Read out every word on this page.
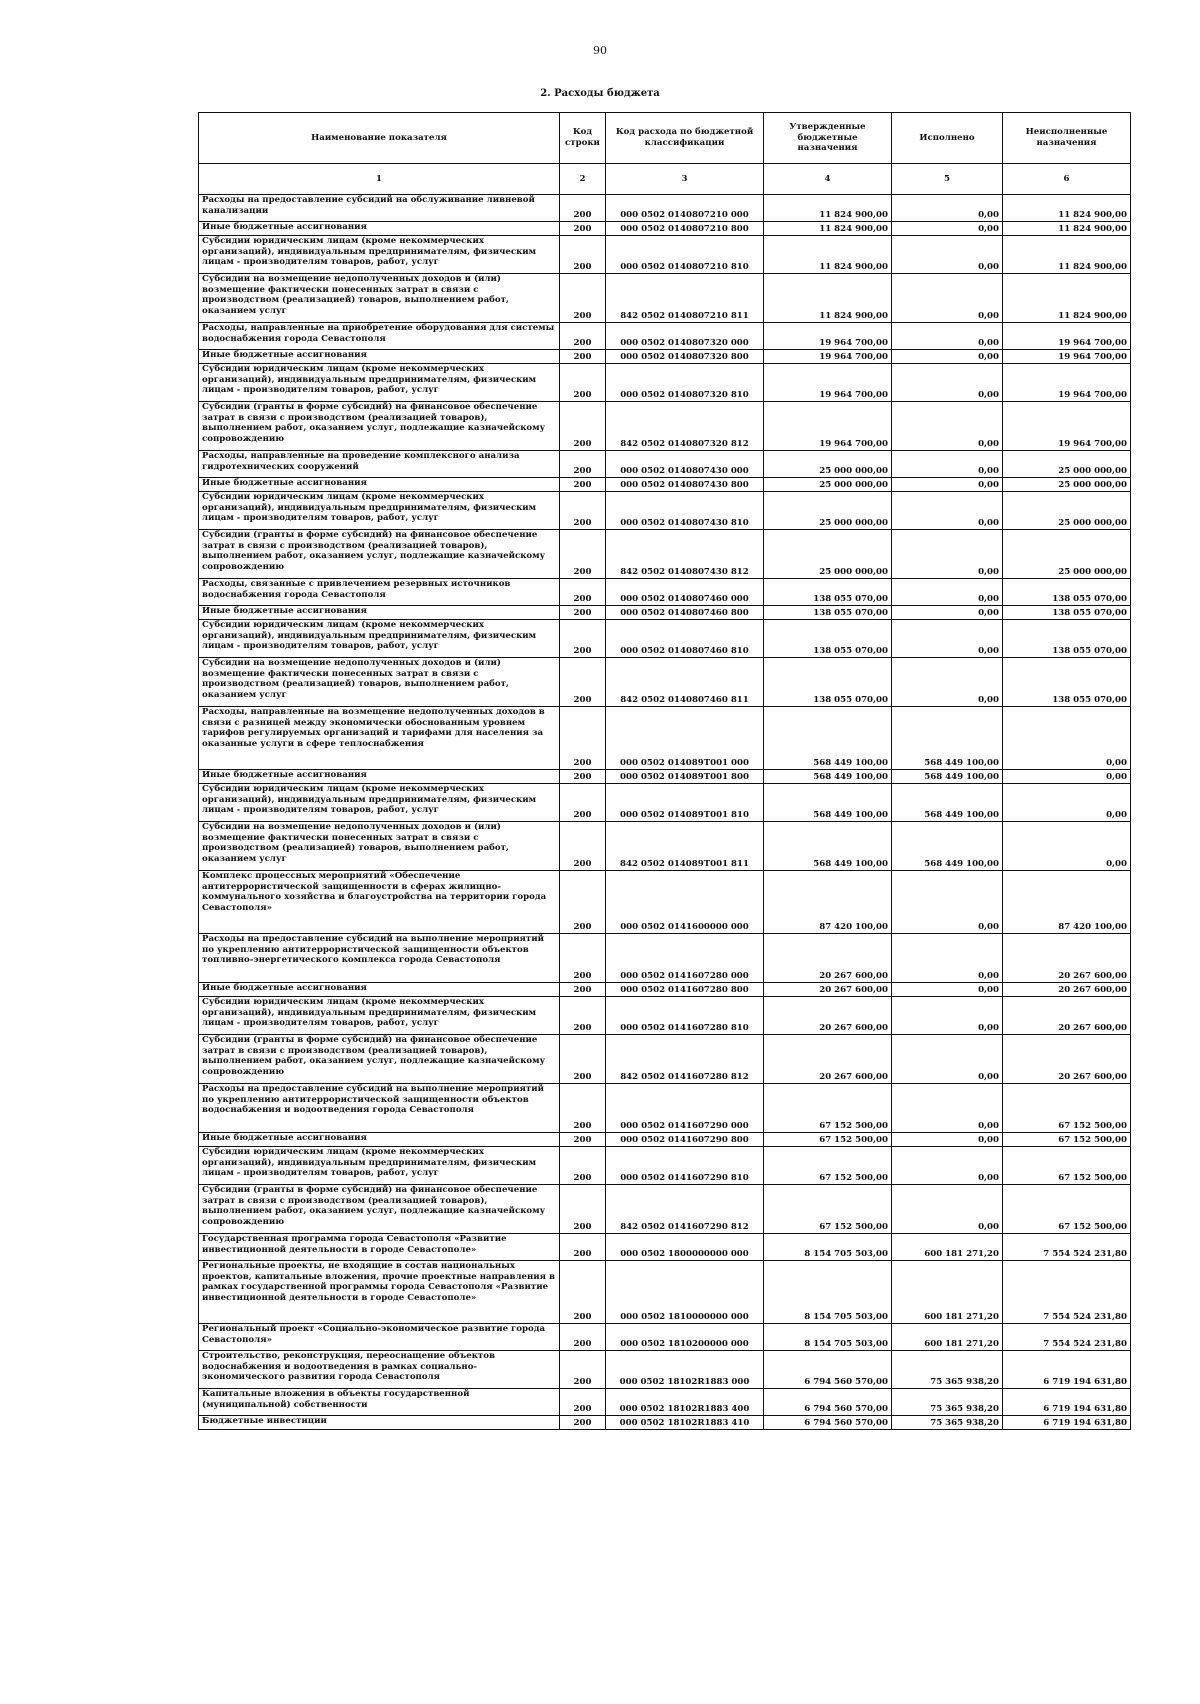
90
2. Расходы бюджета
Наименование показателя	Код строки	Код расхода по бюджетной классификации	Утвержденные бюджетные назначения	Исполнено	Неисполненные назначения
1	2	3	4	5	6
Расходы на предоставление субсидий на обслуживание ливневой канализации	200	000 0502 0140807210 000	11 824 900,00	0,00	11 824 900,00
Иные бюджетные ассигнования	200	000 0502 0140807210 800	11 824 900,00	0,00	11 824 900,00
Субсидии юридическим лицам (кроме некоммерческих организаций), индивидуальным предпринимателям, физическим лицам - производителям товаров, работ, услуг	200	000 0502 0140807210 810	11 824 900,00	0,00	11 824 900,00
Субсидии на возмещение недополученных доходов и (или) возмещение фактически понесенных затрат в связи с производством (реализацией) товаров, выполнением работ, оказанием услуг	200	842 0502 0140807210 811	11 824 900,00	0,00	11 824 900,00
Расходы, направленные на приобретение оборудования для системы водоснабжения города Севастополя	200	000 0502 0140807320 000	19 964 700,00	0,00	19 964 700,00
Иные бюджетные ассигнования	200	000 0502 0140807320 800	19 964 700,00	0,00	19 964 700,00
Субсидии юридическим лицам (кроме некоммерческих организаций), индивидуальным предпринимателям, физическим лицам - производителям товаров, работ, услуг	200	000 0502 0140807320 810	19 964 700,00	0,00	19 964 700,00
Субсидии (гранты в форме субсидий) на финансовое обеспечение затрат в связи с производством (реализацией товаров), выполнением работ, оказанием услуг, подлежащие казначейскому сопровождению	200	842 0502 0140807320 812	19 964 700,00	0,00	19 964 700,00
Расходы, направленные на проведение комплексного анализа гидротехнических сооружений	200	000 0502 0140807430 000	25 000 000,00	0,00	25 000 000,00
Иные бюджетные ассигнования	200	000 0502 0140807430 800	25 000 000,00	0,00	25 000 000,00
Субсидии юридическим лицам (кроме некоммерческих организаций), индивидуальным предпринимателям, физическим лицам - производителям товаров, работ, услуг	200	000 0502 0140807430 810	25 000 000,00	0,00	25 000 000,00
Субсидии (гранты в форме субсидий) на финансовое обеспечение затрат в связи с производством (реализацией товаров), выполнением работ, оказанием услуг, подлежащие казначейскому сопровождению	200	842 0502 0140807430 812	25 000 000,00	0,00	25 000 000,00
Расходы, связанные с привлечением резервных источников водоснабжения города Севастополя	200	000 0502 0140807460 000	138 055 070,00	0,00	138 055 070,00
Иные бюджетные ассигнования	200	000 0502 0140807460 800	138 055 070,00	0,00	138 055 070,00
Субсидии юридическим лицам (кроме некоммерческих организаций), индивидуальным предпринимателям, физическим лицам - производителям товаров, работ, услуг	200	000 0502 0140807460 810	138 055 070,00	0,00	138 055 070,00
Субсидии на возмещение недополученных доходов и (или) возмещение фактически понесенных затрат в связи с производством (реализацией) товаров, выполнением работ, оказанием услуг	200	842 0502 0140807460 811	138 055 070,00	0,00	138 055 070,00
Расходы, направленные на возмещение недополученных доходов в связи с разницей между экономически обоснованным уровнем тарифов регулируемых организаций и тарифами для населения за оказанные услуги в сфере теплоснабжения	200	000 0502 014089T001 000	568 449 100,00	568 449 100,00	0,00
Иные бюджетные ассигнования	200	000 0502 014089T001 800	568 449 100,00	568 449 100,00	0,00
Субсидии юридическим лицам (кроме некоммерческих организаций), индивидуальным предпринимателям, физическим лицам - производителям товаров, работ, услуг	200	000 0502 014089T001 810	568 449 100,00	568 449 100,00	0,00
Субсидии на возмещение недополученных доходов и (или) возмещение фактически понесенных затрат в связи с производством (реализацией) товаров, выполнением работ, оказанием услуг	200	842 0502 014089T001 811	568 449 100,00	568 449 100,00	0,00
Комплекс процессных мероприятий «Обеспечение антитеррористической защищенности в сферах жилищно-коммунального хозяйства и благоустройства на территории города Севастополя»	200	000 0502 0141600000 000	87 420 100,00	0,00	87 420 100,00
Расходы на предоставление субсидий на выполнение мероприятий по укреплению антитеррористической защищенности объектов топливно-энергетического комплекса города Севастополя	200	000 0502 0141607280 000	20 267 600,00	0,00	20 267 600,00
Иные бюджетные ассигнования	200	000 0502 0141607280 800	20 267 600,00	0,00	20 267 600,00
Субсидии юридическим лицам (кроме некоммерческих организаций), индивидуальным предпринимателям, физическим лицам - производителям товаров, работ, услуг	200	000 0502 0141607280 810	20 267 600,00	0,00	20 267 600,00
Субсидии (гранты в форме субсидий) на финансовое обеспечение затрат в связи с производством (реализацией товаров), выполнением работ, оказанием услуг, подлежащие казначейскому сопровождению	200	842 0502 0141607280 812	20 267 600,00	0,00	20 267 600,00
Расходы на предоставление субсидий на выполнение мероприятий по укреплению антитеррористической защищенности объектов водоснабжения и водоотведения города Севастополя	200	000 0502 0141607290 000	67 152 500,00	0,00	67 152 500,00
Иные бюджетные ассигнования	200	000 0502 0141607290 800	67 152 500,00	0,00	67 152 500,00
Субсидии юридическим лицам (кроме некоммерческих организаций), индивидуальным предпринимателям, физическим лицам - производителям товаров, работ, услуг	200	000 0502 0141607290 810	67 152 500,00	0,00	67 152 500,00
Субсидии (гранты в форме субсидий) на финансовое обеспечение затрат в связи с производством (реализацией товаров), выполнением работ, оказанием услуг, подлежащие казначейскому сопровождению	200	842 0502 0141607290 812	67 152 500,00	0,00	67 152 500,00
Государственная программа города Севастополя «Развитие инвестиционной деятельности в городе Севастополе»	200	000 0502 1800000000 000	8 154 705 503,00	600 181 271,20	7 554 524 231,80
Региональные проекты, не входящие в состав национальных проектов, капитальные вложения, прочие проектные направления в рамках государственной программы города Севастополя «Развитие инвестиционной деятельности в городе Севастополе»	200	000 0502 1810000000 000	8 154 705 503,00	600 181 271,20	7 554 524 231,80
Региональный проект «Социально-экономическое развитие города Севастополя»	200	000 0502 1810200000 000	8 154 705 503,00	600 181 271,20	7 554 524 231,80
Строительство, реконструкция, переоснащение объектов водоснабжения и водоотведения в рамках социально-экономического развития города Севастополя	200	000 0502 18102R1883 000	6 794 560 570,00	75 365 938,20	6 719 194 631,80
Капитальные вложения в объекты государственной (муниципальной) собственности	200	000 0502 18102R1883 400	6 794 560 570,00	75 365 938,20	6 719 194 631,80
Бюджетные инвестиции	200	000 0502 18102R1883 410	6 794 560 570,00	75 365 938,20	6 719 194 631,80
